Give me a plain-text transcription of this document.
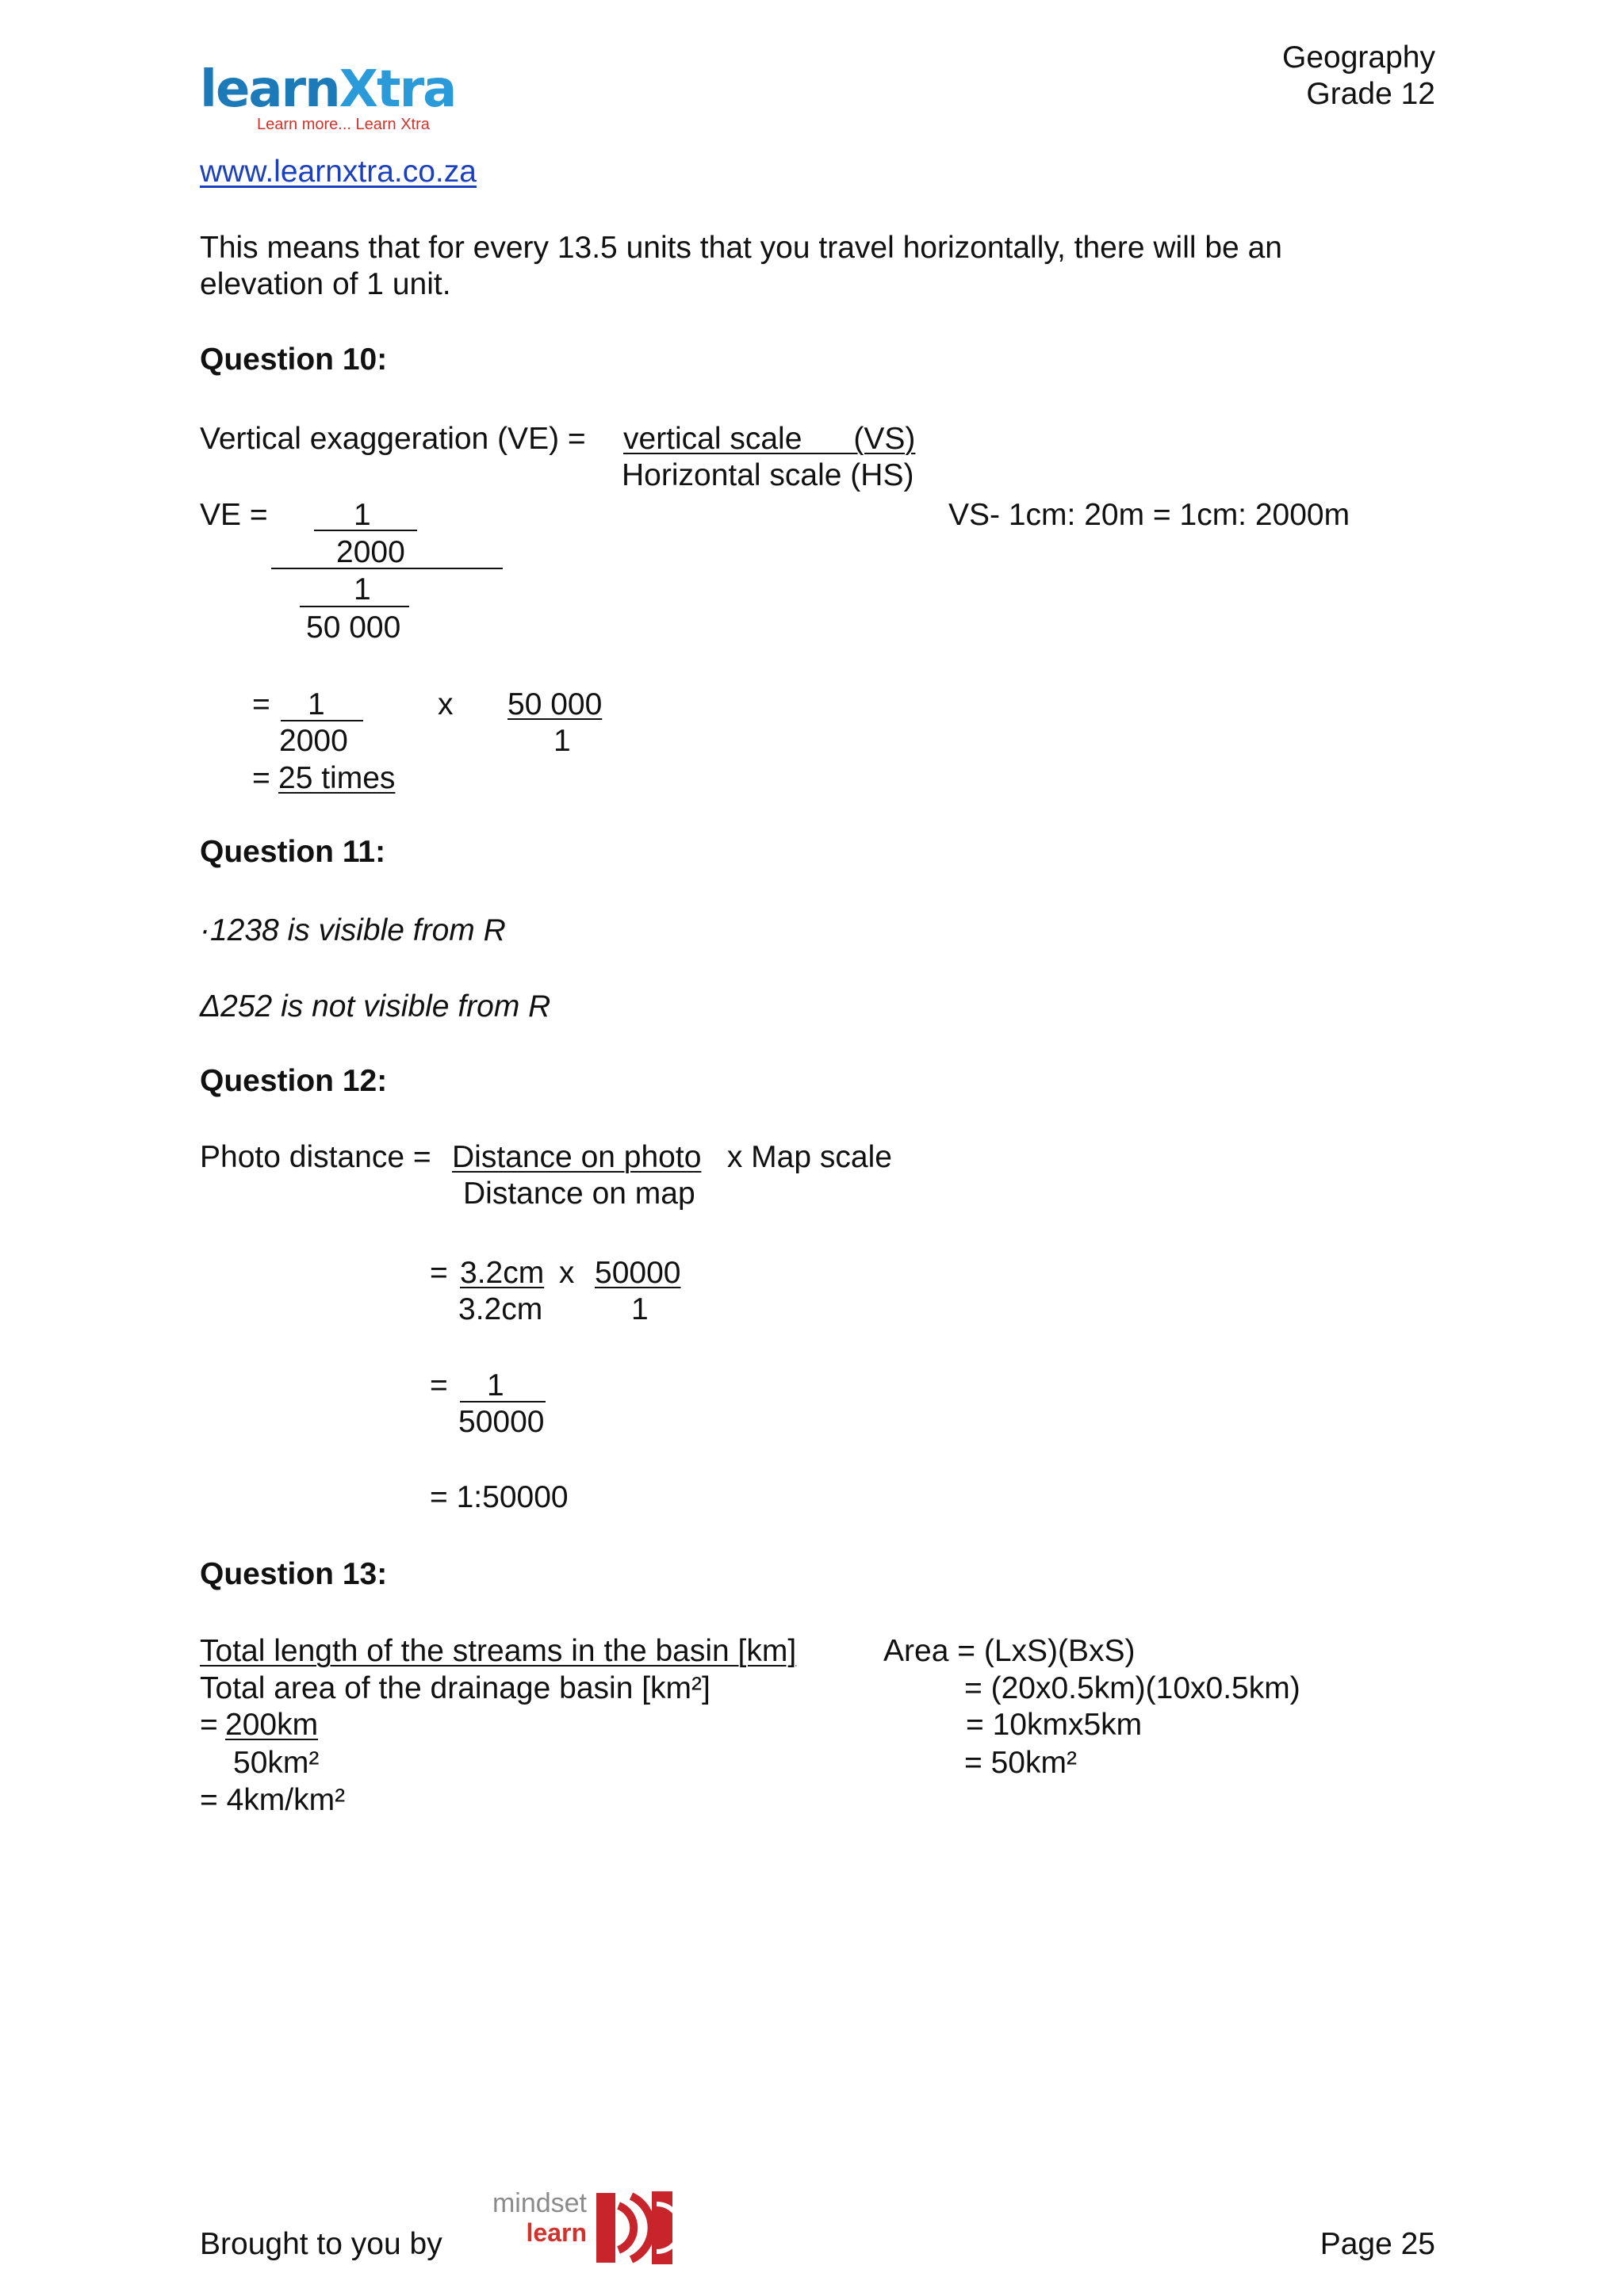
learnXtra
Learn more... Learn Xtra
Geography
Grade 12
www.learnxtra.co.za
This means that for every 13.5 units that you travel horizontally, there will be an
elevation of 1 unit.
Question 10:
Vertical exaggeration (VE) = vertical scale      (VS)
Horizontal scale (HS)
VE =	1	VS- 1cm: 20m = 1cm: 2000m
2000
1
50 000
= 1	x 50 000
2000	1
= 25 times
Question 11:
·1238 is visible from R
Δ252 is not visible from R
Question 12:
Photo distance = Distance on photo x Map scale
Distance on map
= 3.2cm x 50000
3.2cm	1
= 1
50000
= 1:50000
Question 13:
Total length of the streams in the basin [km]
Total area of the drainage basin [km²]
=
200km
50km²
= 4km/km²
Area = (LxS)(BxS)
= (20x0.5km)(10x0.5km)
= 10kmx5km
= 50km²
Brought to you by
mindset
learn	Page 25
